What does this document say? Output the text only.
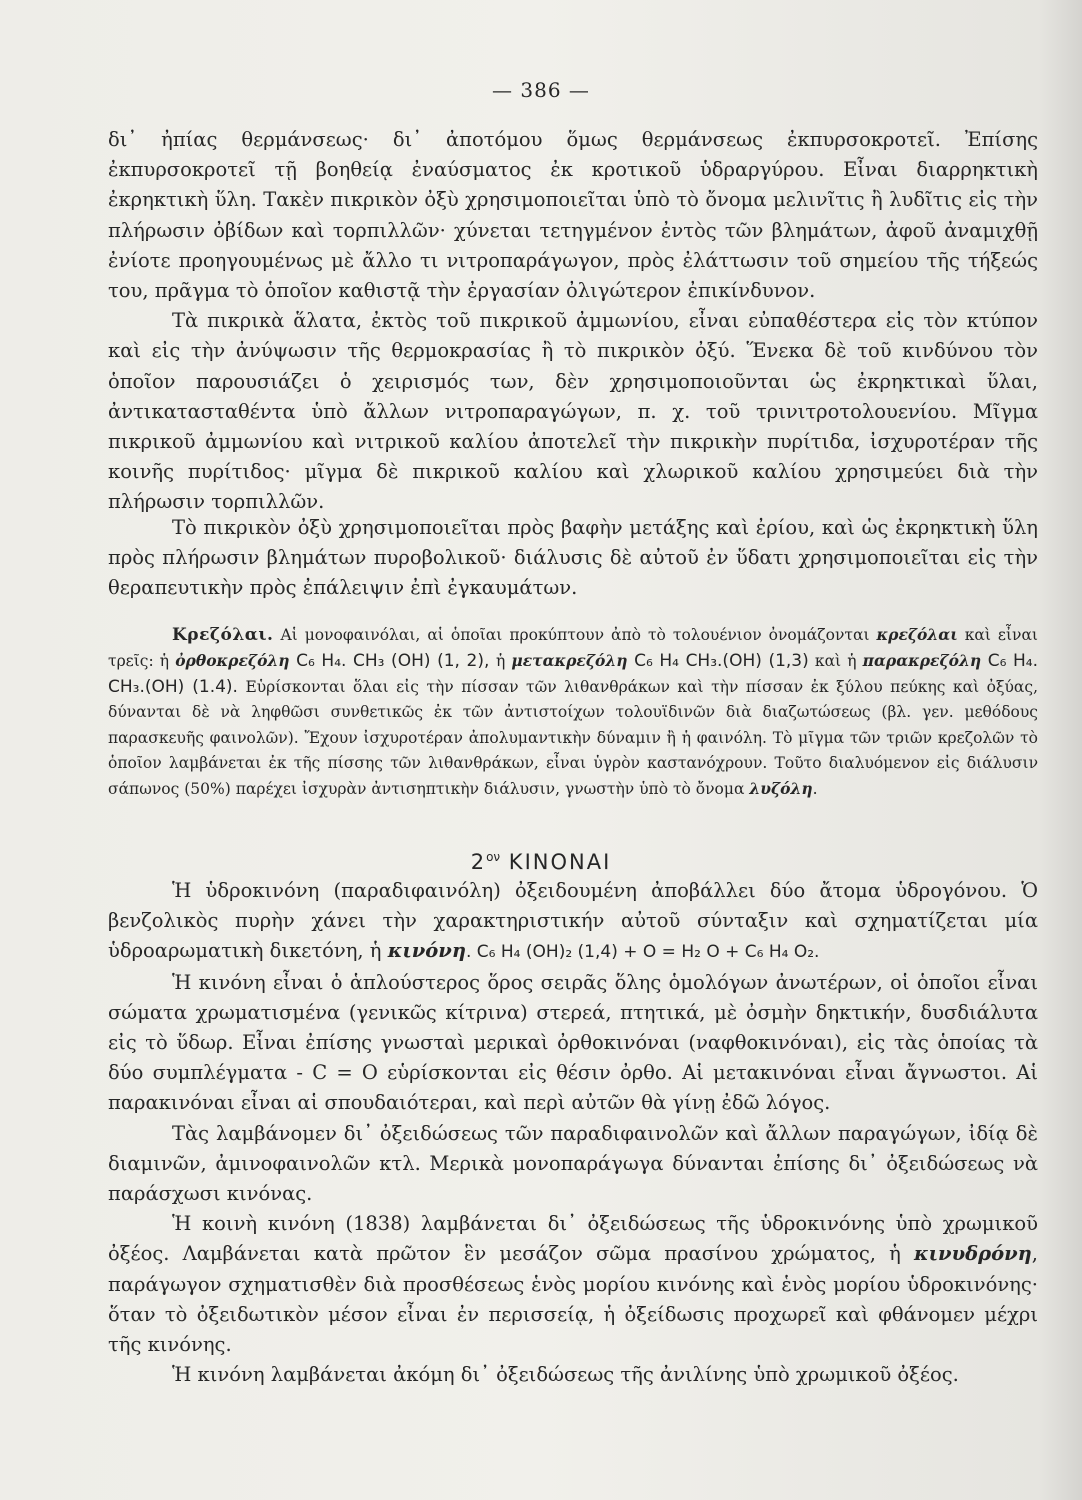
— 386 —

δι᾽ ἠπίας θερμάνσεως· δι᾽ ἀποτόμου ὅμως θερμάνσεως ἐκπυρσοκροτεῖ. Ἐπίσης ἐκπυρσοκροτεῖ τῇ βοηθείᾳ ἐναύσματος ἐκ κροτικοῦ ὑδραργύρου. Εἶναι διαρρηκτικὴ ἐκρηκτικὴ ὕλη. Τακὲν πικρικὸν ὀξὺ χρησιμοποιεῖται ὑπὸ τὸ ὄνομα μελινῖτις ἢ λυδῖτις εἰς τὴν πλήρωσιν ὀβίδων καὶ τορπιλλῶν· χύνεται τετηγμένον ἐντὸς τῶν βλημάτων, ἀφοῦ ἀναμιχθῇ ἐνίοτε προηγουμένως μὲ ἄλλο τι νιτροπαράγωγον, πρὸς ἐλάττωσιν τοῦ σημείου τῆς τήξεώς του, πρᾶγμα τὸ ὁποῖον καθιστᾷ τὴν ἐργασίαν ὀλιγώτερον ἐπικίνδυνον.

Τὰ πικρικὰ ἅλατα, ἐκτὸς τοῦ πικρικοῦ ἀμμωνίου, εἶναι εὐπαθέστερα εἰς τὸν κτύπον καὶ εἰς τὴν ἀνύψωσιν τῆς θερμοκρασίας ἢ τὸ πικρικὸν ὀξύ. Ἕνεκα δὲ τοῦ κινδύνου τὸν ὁποῖον παρουσιάζει ὁ χειρισμός των, δὲν χρησιμοποιοῦνται ὡς ἐκρηκτικαὶ ὕλαι, ἀντικατασταθέντα ὑπὸ ἄλλων νιτροπαραγώγων, π. χ. τοῦ τρινιτροτολουενίου. Μῖγμα πικρικοῦ ἀμμωνίου καὶ νιτρικοῦ καλίου ἀποτελεῖ τὴν πικρικὴν πυρίτιδα, ἰσχυροτέραν τῆς κοινῆς πυρίτιδος· μῖγμα δὲ πικρικοῦ καλίου καὶ χλωρικοῦ καλίου χρησιμεύει διὰ τὴν πλήρωσιν τορπιλλῶν.

Τὸ πικρικὸν ὀξὺ χρησιμοποιεῖται πρὸς βαφὴν μετάξης καὶ ἐρίου, καὶ ὡς ἐκρηκτικὴ ὕλη πρὸς πλήρωσιν βλημάτων πυροβολικοῦ· διάλυσις δὲ αὐτοῦ ἐν ὕδατι χρησιμοποιεῖται εἰς τὴν θεραπευτικὴν πρὸς ἐπάλειψιν ἐπὶ ἐγκαυμάτων.

Κρεζόλαι. Αἱ μονοφαινόλαι, αἱ ὁποῖαι προκύπτουν ἀπὸ τὸ τολουένιον ὀνομάζονται κρεζόλαι καὶ εἶναι τρεῖς: ἡ ὀρθοκρεζόλη C₆ H₄. CH₃ (OH) (1, 2), ἡ μετακρεζόλη C₆ H₄ CH₃.(OH) (1,3) καὶ ἡ παρακρεζόλη C₆ H₄. CH₃.(OH) (1.4). Εὑρίσκονται ὅλαι εἰς τὴν πίσσαν τῶν λιθανθράκων καὶ τὴν πίσσαν ἐκ ξύλου πεύκης καὶ ὀξύας, δύνανται δὲ νὰ ληφθῶσι συνθετικῶς ἐκ τῶν ἀντιστοίχων τολουϊδινῶν διὰ διαζωτώσεως (βλ. γεν. μεθόδους παρασκευῆς φαινολῶν). Ἔχουν ἰσχυροτέραν ἀπολυμαντικὴν δύναμιν ἢ ἡ φαινόλη. Τὸ μῖγμα τῶν τριῶν κρεζολῶν τὸ ὁποῖον λαμβάνεται ἐκ τῆς πίσσης τῶν λιθανθράκων, εἶναι ὑγρὸν καστανόχρουν. Τοῦτο διαλυόμενον εἰς διάλυσιν σάπωνος (50%) παρέχει ἰσχυρὰν ἀντισηπτικὴν διάλυσιν, γνωστὴν ὑπὸ τὸ ὄνομα λυζόλη.

$2^{o\nu}$ ΚΙΝΟΝΑΙ

Ἡ ὑδροκινόνη (παραδιφαινόλη) ὀξειδουμένη ἀποβάλλει δύο ἄτομα ὑδρογόνου. Ὁ βενζολικὸς πυρὴν χάνει τὴν χαρακτηριστικήν αὐτοῦ σύνταξιν καὶ σχηματίζεται μία ὑδροαρωματικὴ δικετόνη, ἡ κινόνη. C₆ H₄ (OH)₂ (1,4) + O = H₂ O + C₆ H₄ O₂.

Ἡ κινόνη εἶναι ὁ ἁπλούστερος ὅρος σειρᾶς ὅλης ὁμολόγων ἀνωτέρων, οἱ ὁποῖοι εἶναι σώματα χρωματισμένα (γενικῶς κίτρινα) στερεά, πτητικά, μὲ ὀσμὴν δηκτικήν, δυσδιάλυτα εἰς τὸ ὕδωρ. Εἶναι ἐπίσης γνωσταὶ μερικαὶ ὀρθοκινόναι (ναφθοκινόναι), εἰς τὰς ὁποίας τὰ δύο συμπλέγματα - C = O εὑρίσκονται εἰς θέσιν ὀρθο. Αἱ μετακινόναι εἶναι ἄγνωστοι. Αἱ παρακινόναι εἶναι αἱ σπουδαιότεραι, καὶ περὶ αὐτῶν θὰ γίνῃ ἐδῶ λόγος.

Τὰς λαμβάνομεν δι᾽ ὀξειδώσεως τῶν παραδιφαινολῶν καὶ ἄλλων παραγώγων, ἰδίᾳ δὲ διαμινῶν, ἀμινοφαινολῶν κτλ. Μερικὰ μονοπαράγωγα δύνανται ἐπίσης δι᾽ ὀξειδώσεως νὰ παράσχωσι κινόνας.

Ἡ κοινὴ κινόνη (1838) λαμβάνεται δι᾽ ὀξειδώσεως τῆς ὑδροκινόνης ὑπὸ χρωμικοῦ ὀξέος. Λαμβάνεται κατὰ πρῶτον ἓν μεσάζον σῶμα πρασίνου χρώματος, ἡ κινυδρόνη, παράγωγον σχηματισθὲν διὰ προσθέσεως ἑνὸς μορίου κινόνης καὶ ἑνὸς μορίου ὑδροκινόνης· ὅταν τὸ ὀξειδωτικὸν μέσον εἶναι ἐν περισσείᾳ, ἡ ὀξείδωσις προχωρεῖ καὶ φθάνομεν μέχρι τῆς κινόνης.

Ἡ κινόνη λαμβάνεται ἀκόμη δι᾽ ὀξειδώσεως τῆς ἀνιλίνης ὑπὸ χρωμικοῦ ὀξέος.
